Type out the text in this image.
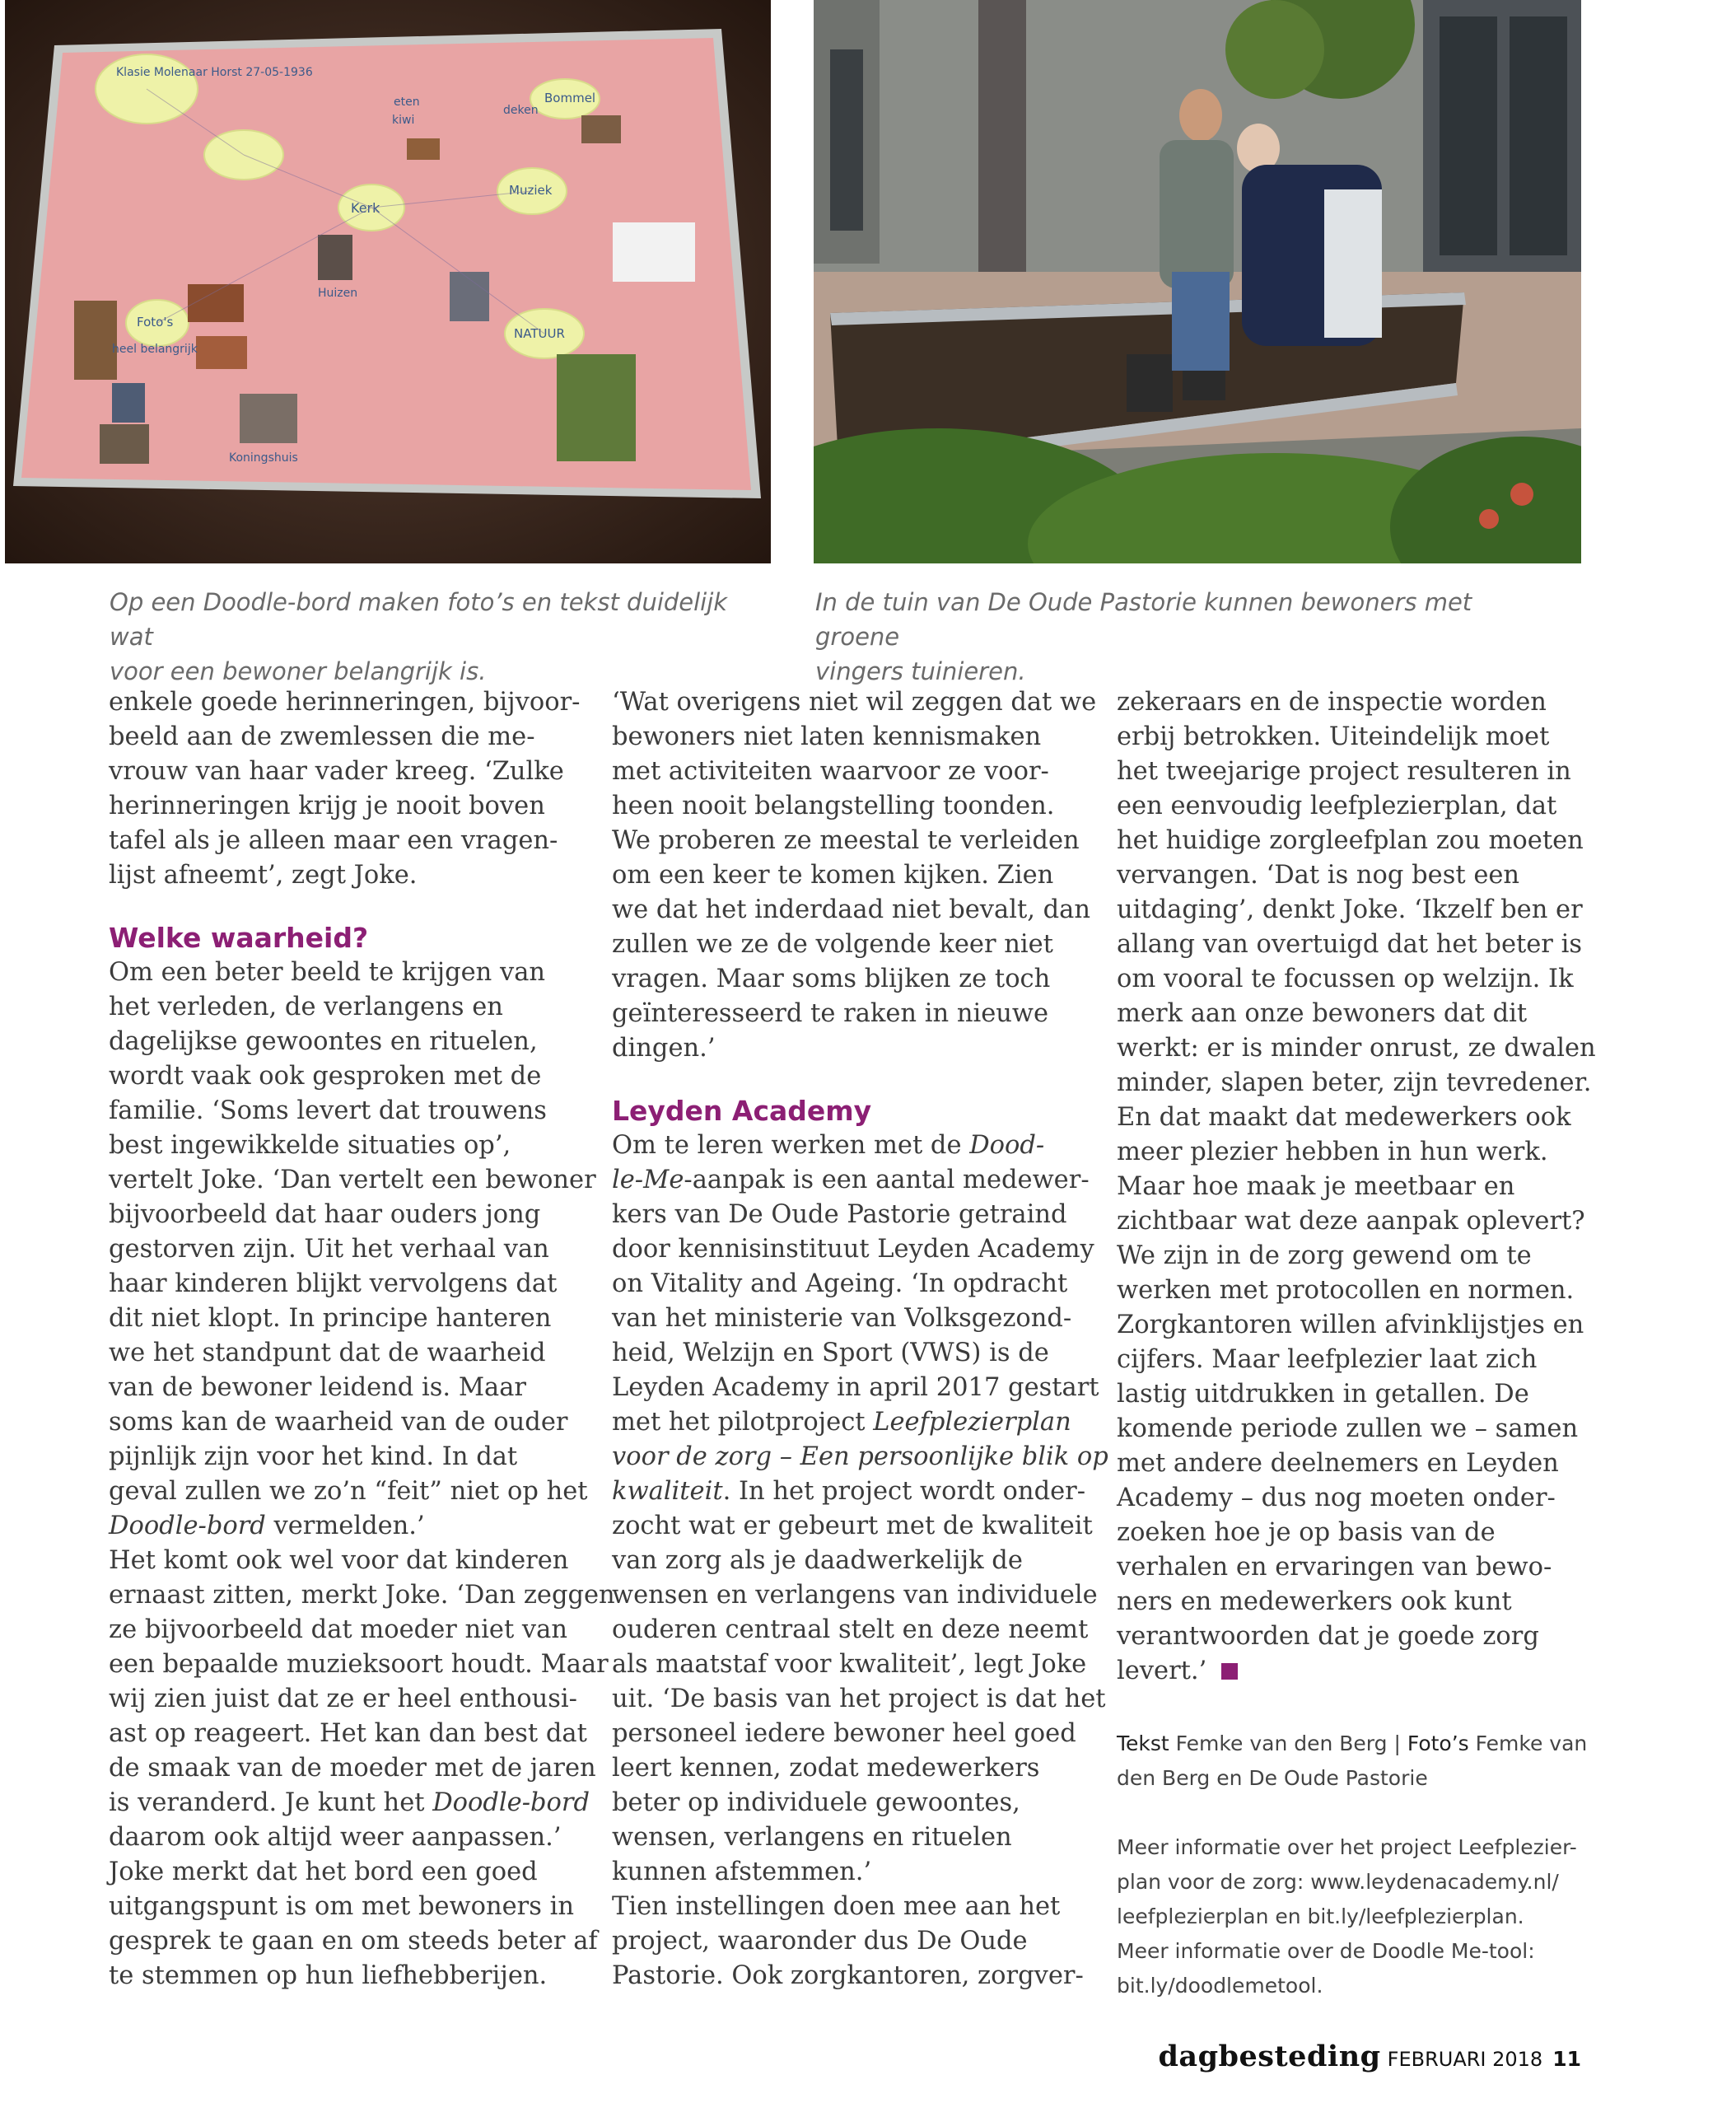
Klasie Molenaar Horst 27-05-1936
Kerk
Foto's
NATUUR
Muziek
Bommel
heel belangrijk
Koningshuis
Huizen
deken
kiwi
eten
Op een Doodle-bord maken foto’s en tekst duidelijk wat
voor een bewoner belangrijk is.
In de tuin van De Oude Pastorie kunnen bewoners met groene
vingers tuinieren.
enkele goede herinneringen, bijvoor-
beeld aan de zwemlessen die me-
vrouw van haar vader kreeg. ‘Zulke
herinneringen krijg je nooit boven
tafel als je alleen maar een vragen-
lijst afneemt’, zegt Joke.
Welke waarheid?
Om een beter beeld te krijgen van
het verleden, de verlangens en
dagelijkse gewoontes en rituelen,
wordt vaak ook gesproken met de
familie. ‘Soms levert dat trouwens
best ingewikkelde situaties op’,
vertelt Joke. ‘Dan vertelt een bewoner
bijvoorbeeld dat haar ouders jong
gestorven zijn. Uit het verhaal van
haar kinderen blijkt vervolgens dat
dit niet klopt. In principe hanteren
we het standpunt dat de waarheid
van de bewoner leidend is. Maar
soms kan de waarheid van de ouder
pijnlijk zijn voor het kind. In dat
geval zullen we zo’n “feit” niet op het
Doodle-bord vermelden.’
Het komt ook wel voor dat kinderen
ernaast zitten, merkt Joke. ‘Dan zeggen
ze bijvoorbeeld dat moeder niet van
een bepaalde muzieksoort houdt. Maar
wij zien juist dat ze er heel enthousi-
ast op reageert. Het kan dan best dat
de smaak van de moeder met de jaren
is veranderd. Je kunt het Doodle-bord
daarom ook altijd weer aanpassen.’
Joke merkt dat het bord een goed
uitgangspunt is om met bewoners in
gesprek te gaan en om steeds beter af
te stemmen op hun liefhebberijen.
‘Wat overigens niet wil zeggen dat we
bewoners niet laten kennismaken
met activiteiten waarvoor ze voor-
heen nooit belangstelling toonden.
We proberen ze meestal te verleiden
om een keer te komen kijken. Zien
we dat het inderdaad niet bevalt, dan
zullen we ze de volgende keer niet
vragen. Maar soms blijken ze toch
geïnteresseerd te raken in nieuwe
dingen.’
Leyden Academy
Om te leren werken met de Dood-
le-Me-aanpak is een aantal medewer-
kers van De Oude Pastorie getraind
door kennisinstituut Leyden Academy
on Vitality and Ageing. ‘In opdracht
van het ministerie van Volksgezond-
heid, Welzijn en Sport (VWS) is de
Leyden Academy in april 2017 gestart
met het pilotproject Leefplezierplan
voor de zorg – Een persoonlijke blik op
kwaliteit. In het project wordt onder-
zocht wat er gebeurt met de kwaliteit
van zorg als je daadwerkelijk de
wensen en verlangens van individuele
ouderen centraal stelt en deze neemt
als maatstaf voor kwaliteit’, legt Joke
uit. ‘De basis van het project is dat het
personeel iedere bewoner heel goed
leert kennen, zodat medewerkers
beter op individuele gewoontes,
wensen, verlangens en rituelen
kunnen afstemmen.’
Tien instellingen doen mee aan het
project, waaronder dus De Oude
Pastorie. Ook zorgkantoren, zorgver-
zekeraars en de inspectie worden
erbij betrokken. Uiteindelijk moet
het tweejarige project resulteren in
een eenvoudig leefplezierplan, dat
het huidige zorgleefplan zou moeten
vervangen. ‘Dat is nog best een
uitdaging’, denkt Joke. ‘Ikzelf ben er
allang van overtuigd dat het beter is
om vooral te focussen op welzijn. Ik
merk aan onze bewoners dat dit
werkt: er is minder onrust, ze dwalen
minder, slapen beter, zijn tevredener.
En dat maakt dat medewerkers ook
meer plezier hebben in hun werk.
Maar hoe maak je meetbaar en
zichtbaar wat deze aanpak oplevert?
We zijn in de zorg gewend om te
werken met protocollen en normen.
Zorgkantoren willen afvinklijstjes en
cijfers. Maar leefplezier laat zich
lastig uitdrukken in getallen. De
komende periode zullen we – samen
met andere deelnemers en Leyden
Academy – dus nog moeten onder-
zoeken hoe je op basis van de
verhalen en ervaringen van bewo-
ners en medewerkers ook kunt
verantwoorden dat je goede zorg
levert.’
Tekst Femke van den Berg | Foto’s Femke van
den Berg en De Oude Pastorie
Meer informatie over het project Leefplezier-
plan voor de zorg: www.leydenacademy.nl/
leefplezierplan en bit.ly/leefplezierplan.
Meer informatie over de Doodle Me-tool:
bit.ly/doodlemetool.
dagbesteding FEBRUARI 2018 11
